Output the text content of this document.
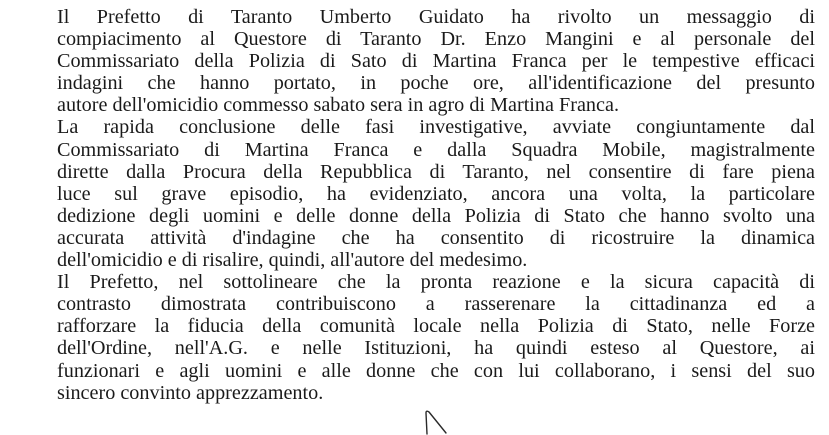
Il Prefetto di Taranto Umberto Guidato ha rivolto un messaggio di
compiacimento al Questore di Taranto Dr. Enzo Mangini e al personale del
Commissariato della Polizia di Sato di Martina Franca per le tempestive efficaci
indagini che hanno portato, in poche ore, all'identificazione del presunto
autore dell'omicidio commesso sabato sera in agro di Martina Franca.
La rapida conclusione delle fasi investigative, avviate congiuntamente dal
Commissariato di Martina Franca e dalla Squadra Mobile, magistralmente
dirette dalla Procura della Repubblica di Taranto, nel consentire di fare piena
luce sul grave episodio, ha evidenziato, ancora una volta, la particolare
dedizione degli uomini e delle donne della Polizia di Stato che hanno svolto una
accurata attività d'indagine che ha consentito di ricostruire la dinamica
dell'omicidio e di risalire, quindi, all'autore del medesimo.
Il Prefetto, nel sottolineare che la pronta reazione e la sicura capacità di
contrasto dimostrata contribuiscono a rasserenare la cittadinanza ed a
rafforzare la fiducia della comunità locale nella Polizia di Stato, nelle Forze
dell'Ordine, nell'A.G. e nelle Istituzioni, ha quindi esteso al Questore, ai
funzionari e agli uomini e alle donne che con lui collaborano, i sensi del suo
sincero convinto apprezzamento.
